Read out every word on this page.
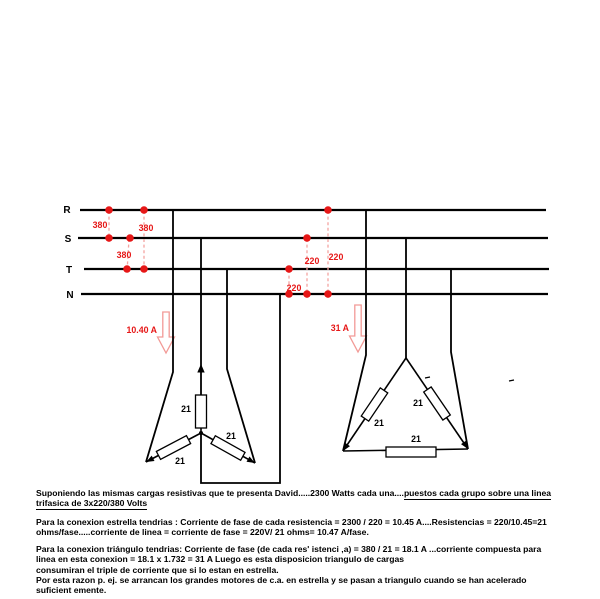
R
S
T
N
380	380
380	220
220
220
10.40 A	31 A
21
21
21
21
21
21

Suponiendo las mismas cargas resistivas que te presenta David.....2300 Watts cada una....puestos cada grupo sobre una linea trifasica de 3x220/380 Volts

Para la conexion estrella tendrias : Corriente de fase de cada resistencia = 2300 / 220 = 10.45 A....Resistencias = 220/10.45=21 ohms/fase.....corriente de linea = corriente de fase = 220V/ 21 ohms= 10.47 A/fase.

Para la conexion triángulo tendrias: Corriente de fase (de cada res' istenci ‚a) = 380 / 21 = 18.1 A ...corriente compuesta para linea en esta conexion = 18.1 x 1.732 = 31 A Luego es esta disposicion triangulo de cargas

consumiran el triple de corriente que si lo estan en estrella.

Por esta razon p. ej. se arrancan los grandes motores de c.a. en estrella y se pasan a triangulo cuando se han acelerado suficient emente.
